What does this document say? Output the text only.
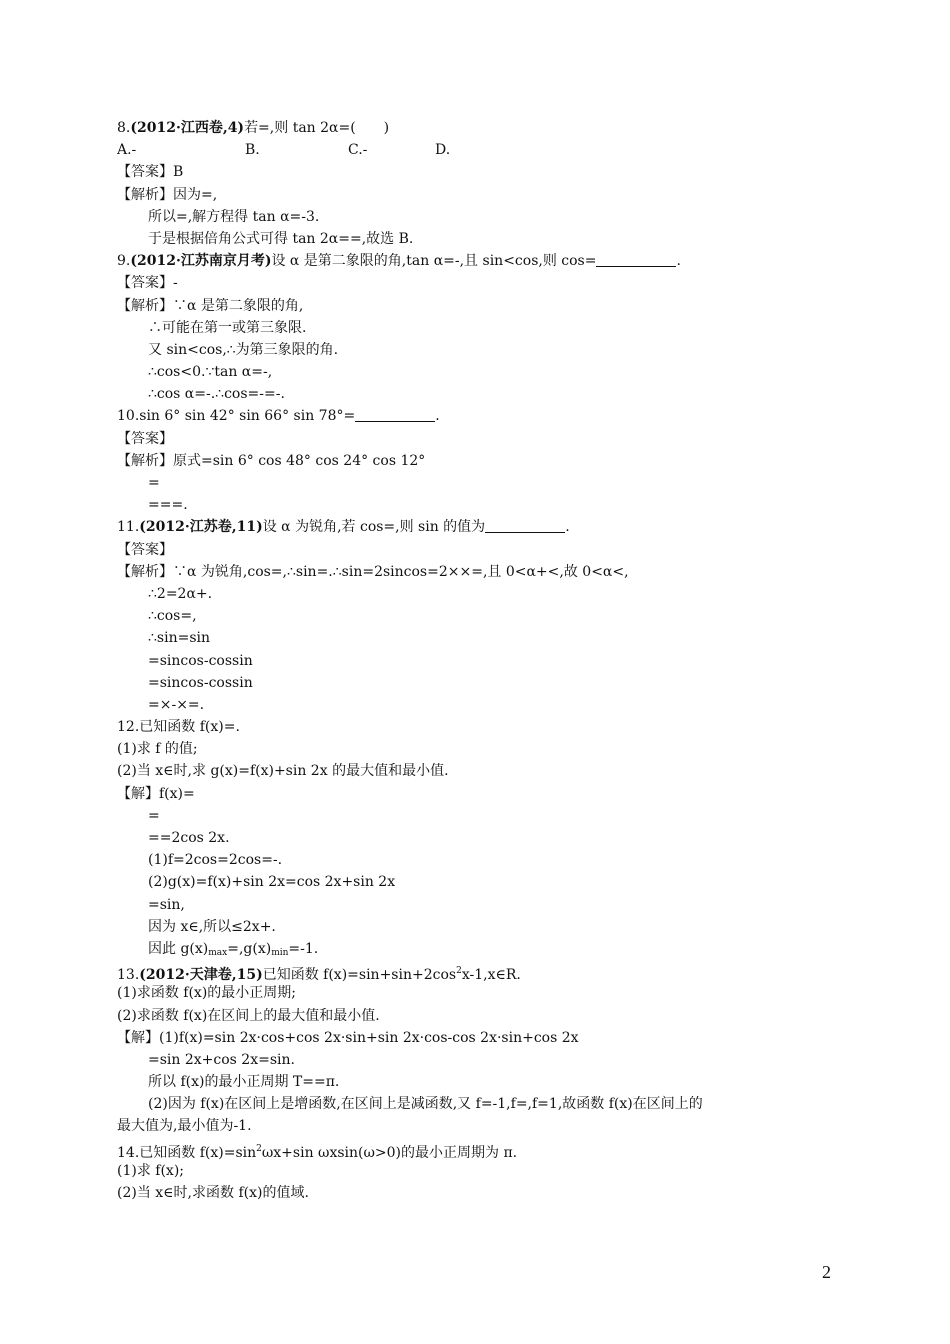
8.(2012·江西卷,4)若=,则 tan 2α=(　　)
A.-	B.	C.-	D.
【答案】B
【解析】因为=,
所以=,解方程得 tan α=-3.
于是根据倍角公式可得 tan 2α==,故选 B.
9.(2012·江苏南京月考)设 α 是第二象限的角,tan α=-,且 sin<cos,则 cos=	.
【答案】-
【解析】∵α 是第二象限的角,
∴可能在第一或第三象限.
又 sin<cos,∴为第三象限的角.
∴cos<0.∵tan α=-,
∴cos α=-.∴cos=-=-.
10.sin 6° sin 42° sin 66° sin 78°=	.
【答案】
【解析】原式=sin 6° cos 48° cos 24° cos 12°
=
===.
11.(2012·江苏卷,11)设 α 为锐角,若 cos=,则 sin 的值为	.
【答案】
【解析】∵α 为锐角,cos=,∴sin=.∴sin=2sincos=2××=,且 0<α+<,故 0<α<,
∴2=2α+.
∴cos=,
∴sin=sin
=sincos-cossin
=sincos-cossin
=×-×=.
12.已知函数 f(x)=.
(1)求 f 的值;
(2)当 x∈时,求 g(x)=f(x)+sin 2x 的最大值和最小值.
【解】f(x)=
=
==2cos 2x.
(1)f=2cos=2cos=-.
(2)g(x)=f(x)+sin 2x=cos 2x+sin 2x
=sin,
因为 x∈,所以≤2x+.
因此 $g(x)_{max}=,g(x)_{min}=-1$.
13.(2012·天津卷,15)已知函数 $f(x)=\sin+\sin+2\cos^2x-1,x\in R$.
(1)求函数 f(x)的最小正周期;
(2)求函数 f(x)在区间上的最大值和最小值.
【解】(1)f(x)=sin 2x·cos+cos 2x·sin+sin 2x·cos-cos 2x·sin+cos 2x
=sin 2x+cos 2x=sin.
所以 f(x)的最小正周期 T==π.
(2)因为 f(x)在区间上是增函数,在区间上是减函数,又 f=-1,f=,f=1,故函数 f(x)在区间上的
最大值为,最小值为-1.
14.已知函数 $f(x)=\sin^2\omega x+\sin$ ωxsin(ω>0)的最小正周期为 π.
(1)求 f(x);
(2)当 x∈时,求函数 f(x)的值域.
2
